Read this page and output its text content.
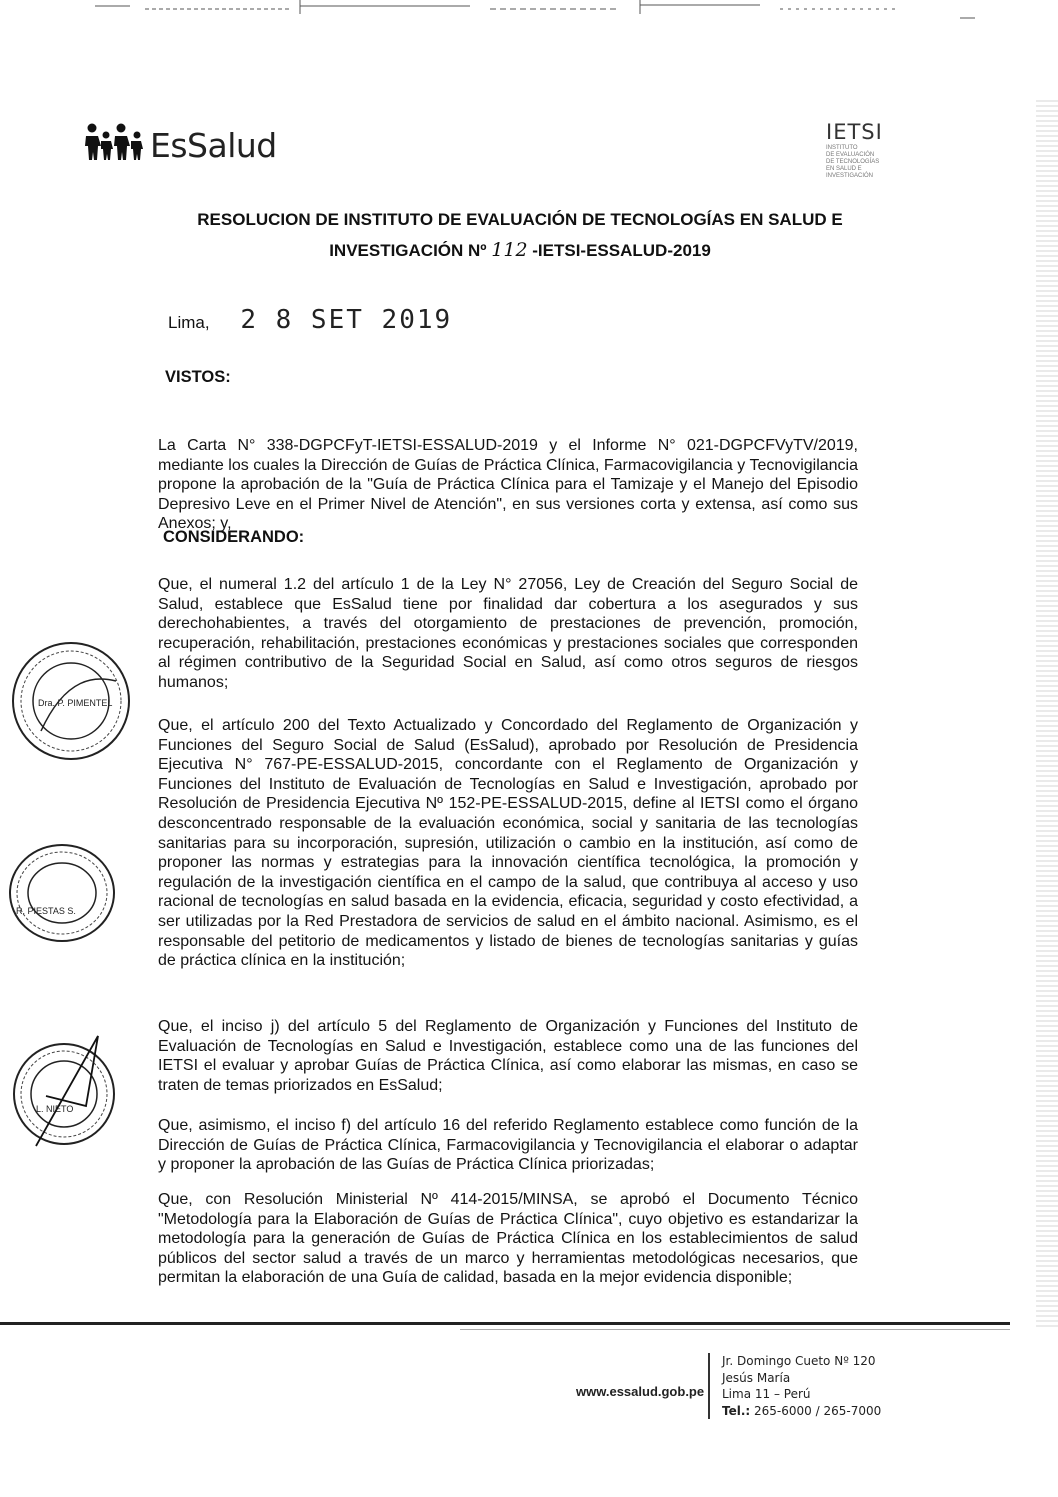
EsSalud	IETSI
INSTITUTO
DE EVALUACIÓN
DE TECNOLOGÍAS
EN SALUD E
INVESTIGACIÓN
RESOLUCION DE INSTITUTO DE EVALUACIÓN DE TECNOLOGÍAS EN SALUD E
INVESTIGACIÓN Nº 112 -IETSI-ESSALUD-2019
Lima, 2 8 SET 2019
VISTOS:
La Carta N° 338-DGPCFyT-IETSI-ESSALUD-2019 y el Informe N° 021-DGPCFVyTV/2019, mediante los cuales la Dirección de Guías de Práctica Clínica, Farmacovigilancia y Tecnovigilancia propone la aprobación de la "Guía de Práctica Clínica para el Tamizaje y el Manejo del Episodio Depresivo Leve en el Primer Nivel de Atención", en sus versiones corta y extensa, así como sus Anexos; y,
CONSIDERANDO:
Que, el numeral 1.2 del artículo 1 de la Ley N° 27056, Ley de Creación del Seguro Social de Salud, establece que EsSalud tiene por finalidad dar cobertura a los asegurados y sus derechohabientes, a través del otorgamiento de prestaciones de prevención, promoción, recuperación, rehabilitación, prestaciones económicas y prestaciones sociales que corresponden al régimen contributivo de la Seguridad Social en Salud, así como otros seguros de riesgos humanos;
Que, el artículo 200 del Texto Actualizado y Concordado del Reglamento de Organización y Funciones del Seguro Social de Salud (EsSalud), aprobado por Resolución de Presidencia Ejecutiva N° 767-PE-ESSALUD-2015, concordante con el Reglamento de Organización y Funciones del Instituto de Evaluación de Tecnologías en Salud e Investigación, aprobado por Resolución de Presidencia Ejecutiva Nº 152-PE-ESSALUD-2015, define al IETSI como el órgano desconcentrado responsable de la evaluación económica, social y sanitaria de las tecnologías sanitarias para su incorporación, supresión, utilización o cambio en la institución, así como de proponer las normas y estrategias para la innovación científica tecnológica, la promoción y regulación de la investigación científica en el campo de la salud, que contribuya al acceso y uso racional de tecnologías en salud basada en la evidencia, eficacia, seguridad y costo efectividad, a ser utilizadas por la Red Prestadora de servicios de salud en el ámbito nacional. Asimismo, es el responsable del petitorio de medicamentos y listado de bienes de tecnologías sanitarias y guías de práctica clínica en la institución;
Que, el inciso j) del artículo 5 del Reglamento de Organización y Funciones del Instituto de Evaluación de Tecnologías en Salud e Investigación, establece como una de las funciones del IETSI el evaluar y aprobar Guías de Práctica Clínica, así como elaborar las mismas, en caso se traten de temas priorizados en EsSalud;
Que, asimismo, el inciso f) del artículo 16 del referido Reglamento establece como función de la Dirección de Guías de Práctica Clínica, Farmacovigilancia y Tecnovigilancia el elaborar o adaptar y proponer la aprobación de las Guías de Práctica Clínica priorizadas;
Que, con Resolución Ministerial Nº 414-2015/MINSA, se aprobó el Documento Técnico "Metodología para la Elaboración de Guías de Práctica Clínica", cuyo objetivo es estandarizar la metodología para la generación de Guías de Práctica Clínica en los establecimientos de salud públicos del sector salud a través de un marco y herramientas metodológicas necesarios, que permitan la elaboración de una Guía de calidad, basada en la mejor evidencia disponible;
Dra. P. PIMENTEL
R. PIESTAS S.
L. NIETO
www.essalud.gob.pe
Jr. Domingo Cueto Nº 120
Jesús María
Lima 11 – Perú
Tel.: 265-6000 / 265-7000
